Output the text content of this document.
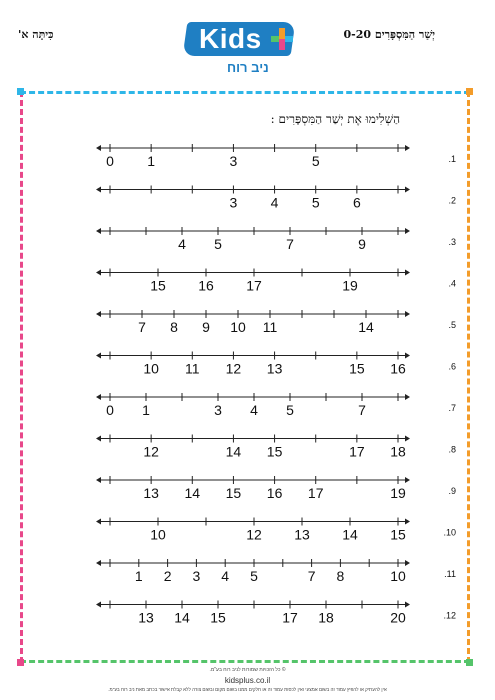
כִּיתָּה א'	יְשַׁר הַמִּסְפָּרִים 0-20
Kids
ניב רוח
הַשְׁלִימוּ אֶת יְשַׁר הַמִּסְפָּרִים :
0 1	3	5	.1
3 4 5 6	.2
4 5	7	9	.3
15 16 17	19	.4
7 8 9 10 11	14	.5
10 11 12 13	15 16	.6
0 1	3 4 5	7	.7
12	14 15	17 18	.8
13 14 15 16 17	19	.9
10	12 13 14 15	.10
1 2 3 4 5	7 8	10	.11
13 14 15	17 18	20	.12
© כל הזכויות שמורות לניב רוח בע"מ.
kidsplus.co.il
אין להעתיק או להפיץ עמוד זה בשום אמצעי ואין לכסות עמוד זה או חלקים ממנו בשום מקום ובשום צורה ללא קבלת אישור בכתב מאת ניב רוח בע"מ.
